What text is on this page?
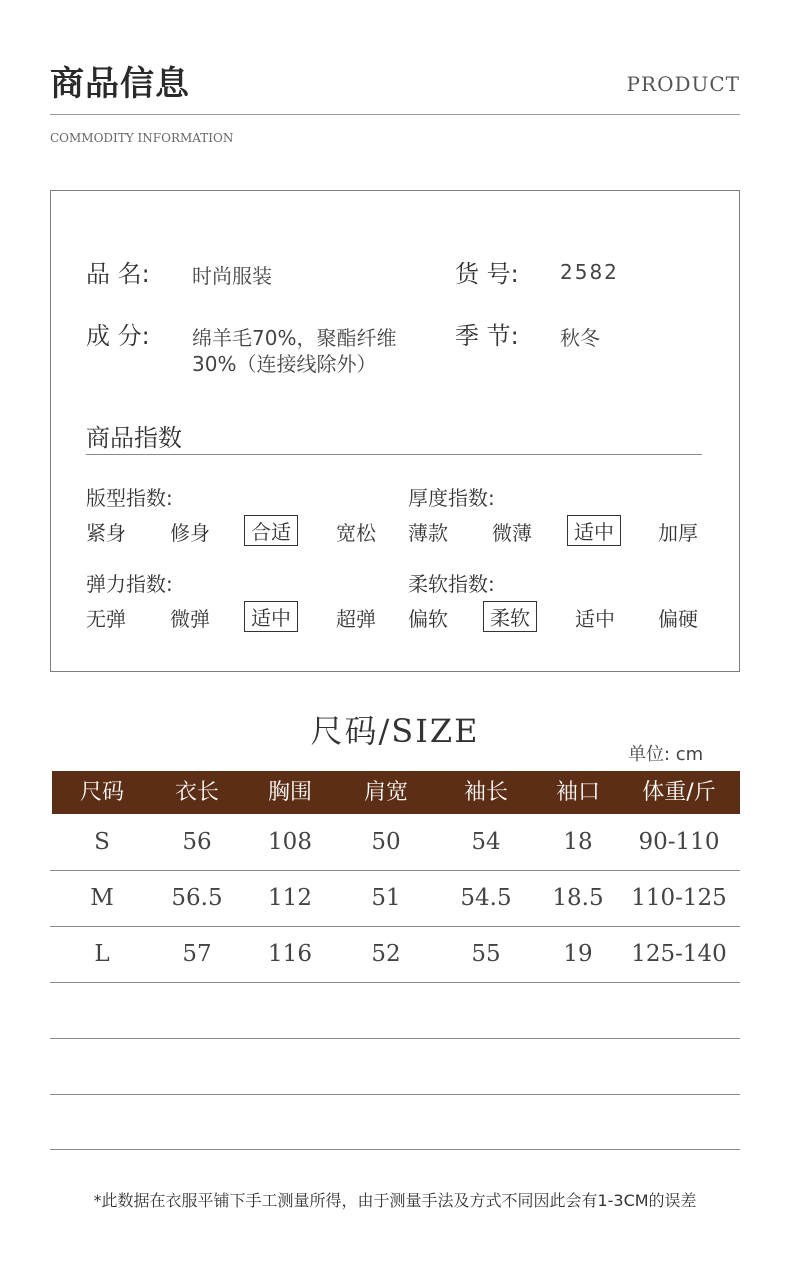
商品信息	PRODUCT
COMMODITY INFORMATION
品 名: 时尚服装	货 号: 2582
成 分: 绵羊毛70%，聚酯纤维
30%（连接线除外）
季 节: 秋冬
商品指数
版型指数:
紧身 修身	合适	宽松
厚度指数:
薄款 微薄	适中	加厚
弹力指数:
无弹 微弹	适中	超弹
柔软指数:
偏软	柔软	适中 偏硬
尺码/SIZE
单位: cm
尺码	衣长	胸围	肩宽	袖长	袖口	体重/斤
S	56	108	50	54	18	90-110
M	56.5	112	51	54.5	18.5	110-125
L	57	116	52	55	19	125-140
*此数据在衣服平铺下手工测量所得，由于测量手法及方式不同因此会有1-3CM的误差
